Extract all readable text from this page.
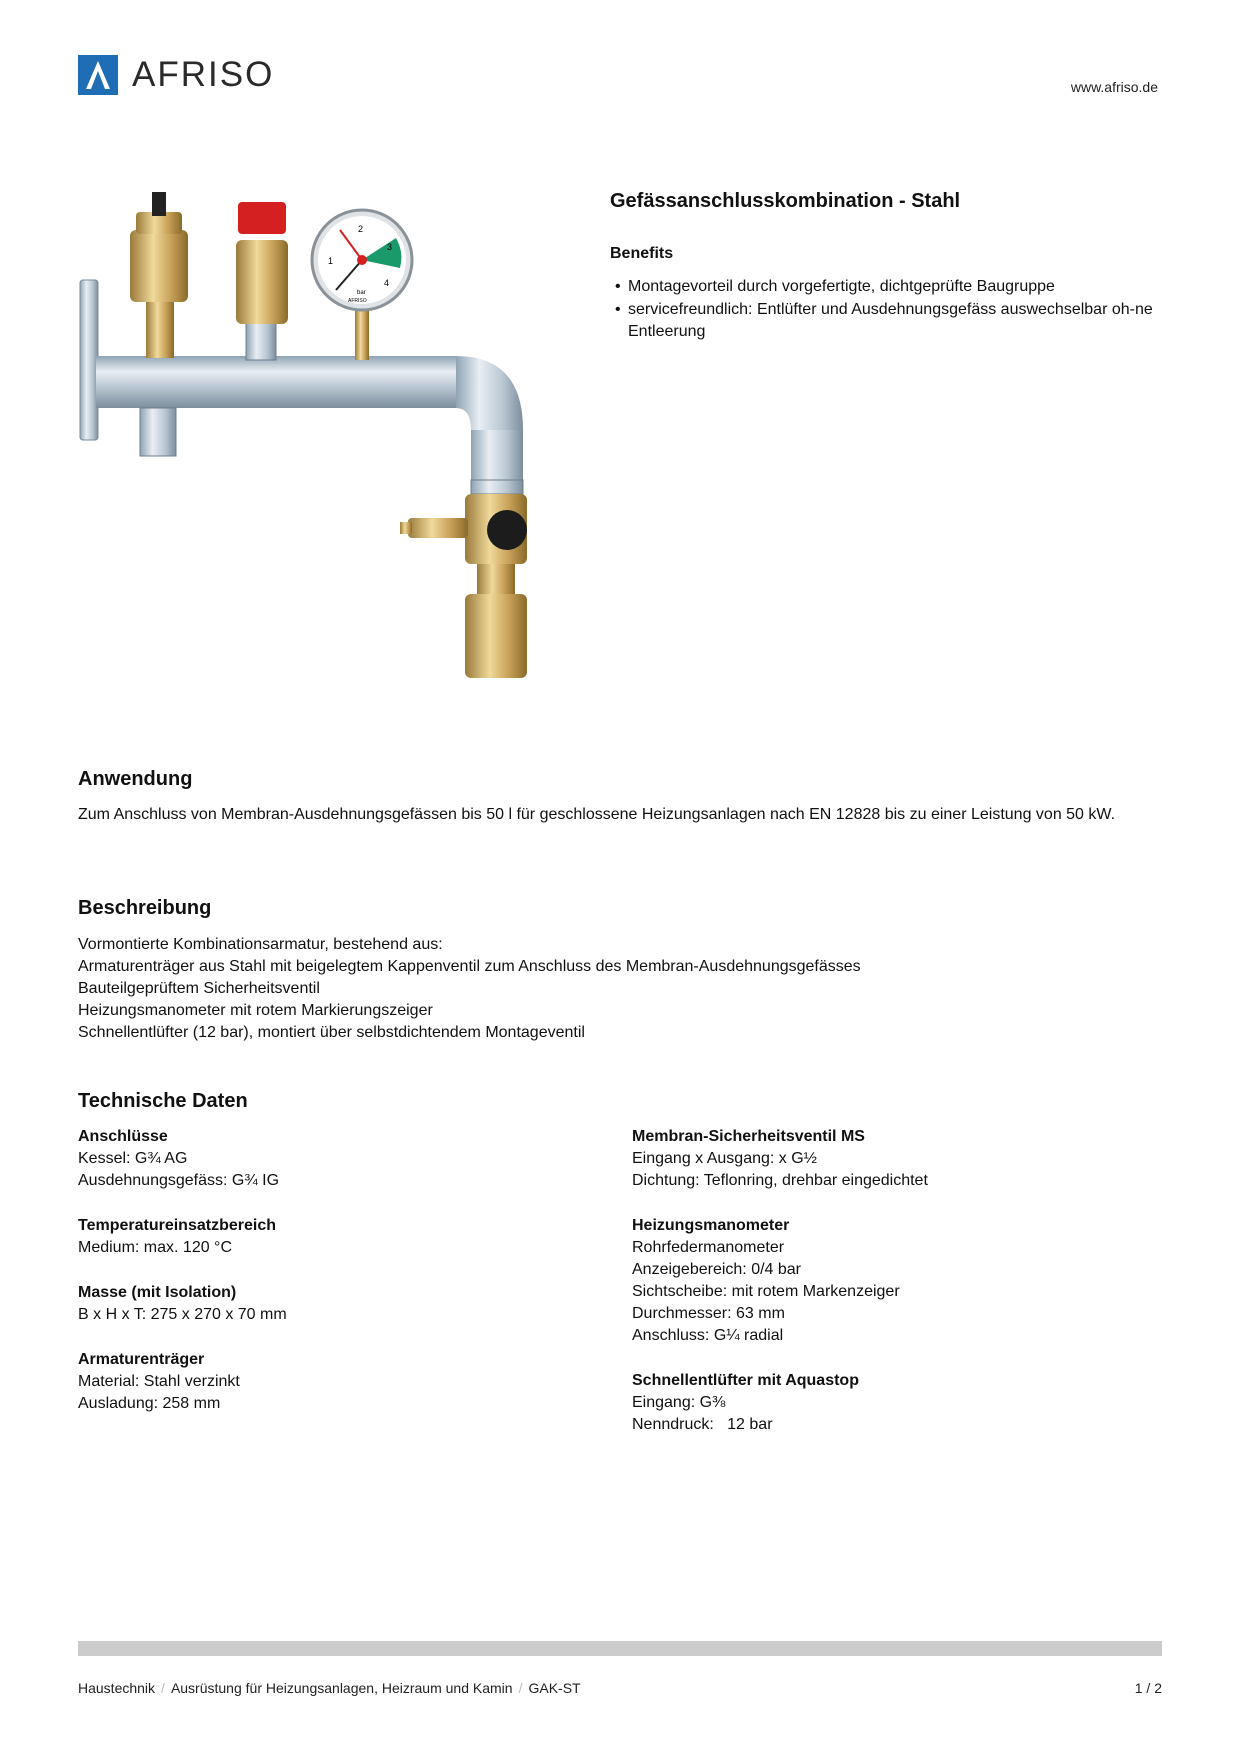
AFRISO	www.afriso.de
1
2
3
4
bar
AFRISO
Gefässanschlusskombination - Stahl
Benefits
• Montagevorteil durch vorgefertigte, dichtgeprüfte Baugruppe
• servicefreundlich: Entlüfter und Ausdehnungsgefäss auswechselbar oh-ne Entleerung
Anwendung
Zum Anschluss von Membran-Ausdehnungsgefässen bis 50 l für geschlossene Heizungsanlagen nach EN 12828 bis zu einer Leistung von 50 kW.
Beschreibung
Vormontierte Kombinationsarmatur, bestehend aus:
Armaturenträger aus Stahl mit beigelegtem Kappenventil zum Anschluss des Membran-Ausdehnungsgefässes
Bauteilgeprüftem Sicherheitsventil
Heizungsmanometer mit rotem Markierungszeiger
Schnellentlüfter (12 bar), montiert über selbstdichtendem Montageventil
Technische Daten
Anschlüsse
Kessel: G¾ AG
Ausdehnungsgefäss: G¾ IG
Temperatureinsatzbereich
Medium: max. 120 °C
Masse (mit Isolation)
B x H x T: 275 x 270 x 70 mm
Armaturenträger
Material: Stahl verzinkt
Ausladung: 258 mm
Membran-Sicherheitsventil MS
Eingang x Ausgang: x G½
Dichtung: Teflonring, drehbar eingedichtet
Heizungsmanometer
Rohrfedermanometer
Anzeigebereich: 0/4 bar
Sichtscheibe: mit rotem Markenzeiger
Durchmesser: 63 mm
Anschluss: G¼ radial
Schnellentlüfter mit Aquastop
Eingang: G⅜
Nenndruck:   12 bar
Haustechnik / Ausrüstung für Heizungsanlagen, Heizraum und Kamin / GAK-ST	1 / 2
